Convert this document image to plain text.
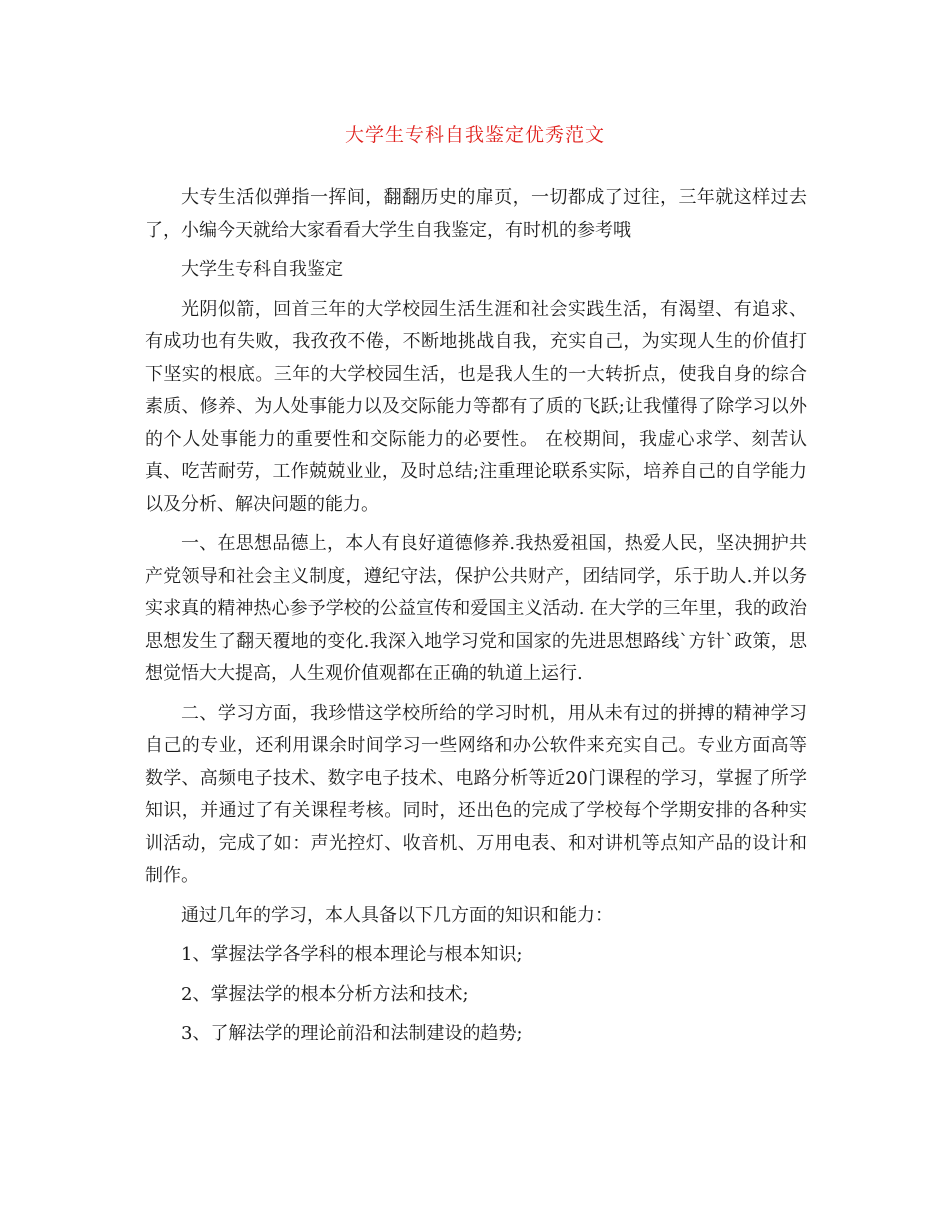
大学生专科自我鉴定优秀范文

大专生活似弹指一挥间，翻翻历史的扉页，一切都成了过往，三年就这样过去了，小编今天就给大家看看大学生自我鉴定，有时机的参考哦

大学生专科自我鉴定

光阴似箭，回首三年的大学校园生活生涯和社会实践生活，有渴望、有追求、有成功也有失败，我孜孜不倦，不断地挑战自我，充实自己，为实现人生的价值打下坚实的根底。三年的大学校园生活，也是我人生的一大转折点，使我自身的综合素质、修养、为人处事能力以及交际能力等都有了质的飞跃;让我懂得了除学习以外的个人处事能力的重要性和交际能力的必要性。 在校期间，我虚心求学、刻苦认真、吃苦耐劳，工作兢兢业业，及时总结;注重理论联系实际，培养自己的自学能力以及分析、解决问题的能力。

一、在思想品德上，本人有良好道德修养.我热爱祖国，热爱人民，坚决拥护共产党领导和社会主义制度，遵纪守法，保护公共财产，团结同学，乐于助人.并以务实求真的精神热心参予学校的公益宣传和爱国主义活动. 在大学的三年里，我的政治思想发生了翻天覆地的变化.我深入地学习党和国家的先进思想路线`方针`政策，思想觉悟大大提高，人生观价值观都在正确的轨道上运行.

二、学习方面，我珍惜这学校所给的学习时机，用从未有过的拼搏的精神学习自己的专业，还利用课余时间学习一些网络和办公软件来充实自己。专业方面高等数学、高频电子技术、数字电子技术、电路分析等近20门课程的学习，掌握了所学知识，并通过了有关课程考核。同时，还出色的完成了学校每个学期安排的各种实训活动，完成了如：声光控灯、收音机、万用电表、和对讲机等点知产品的设计和制作。

通过几年的学习，本人具备以下几方面的知识和能力：

1、掌握法学各学科的根本理论与根本知识;

2、掌握法学的根本分析方法和技术;

3、了解法学的理论前沿和法制建设的趋势;
